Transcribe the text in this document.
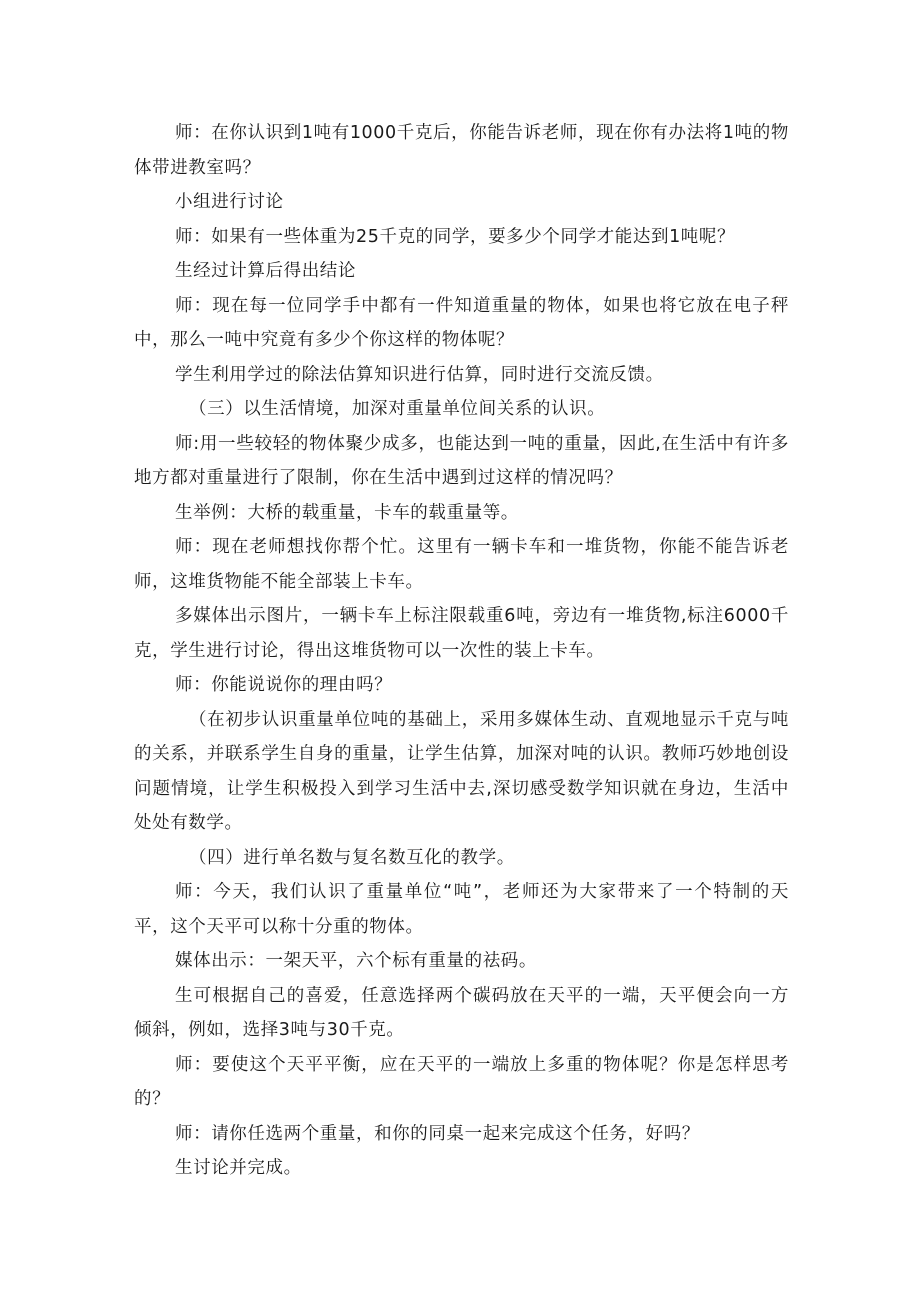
师：在你认识到1吨有1000千克后，你能告诉老师，现在你有办法将1吨的物体带进教室吗？

小组进行讨论

师：如果有一些体重为25千克的同学，要多少个同学才能达到1吨呢？

生经过计算后得出结论

师：现在每一位同学手中都有一件知道重量的物体，如果也将它放在电子秤中，那么一吨中究竟有多少个你这样的物体呢？

学生利用学过的除法估算知识进行估算，同时进行交流反馈。

（三）以生活情境，加深对重量单位间关系的认识。

师:用一些较轻的物体聚少成多，也能达到一吨的重量，因此,在生活中有许多地方都对重量进行了限制，你在生活中遇到过这样的情况吗？

生举例：大桥的载重量，卡车的载重量等。

师：现在老师想找你帮个忙。这里有一辆卡车和一堆货物，你能不能告诉老师，这堆货物能不能全部装上卡车。

多媒体出示图片，一辆卡车上标注限载重6吨，旁边有一堆货物,标注6000千克，学生进行讨论，得出这堆货物可以一次性的装上卡车。

师：你能说说你的理由吗？

（在初步认识重量单位吨的基础上，采用多媒体生动、直观地显示千克与吨的关系，并联系学生自身的重量，让学生估算，加深对吨的认识。教师巧妙地创设问题情境，让学生积极投入到学习生活中去,深切感受数学知识就在身边，生活中处处有数学。

（四）进行单名数与复名数互化的教学。

师：今天，我们认识了重量单位“吨”，老师还为大家带来了一个特制的天平，这个天平可以称十分重的物体。

媒体出示：一架天平，六个标有重量的祛码。

生可根据自己的喜爱，任意选择两个碳码放在天平的一端，天平便会向一方倾斜，例如，选择3吨与30千克。

师：要使这个天平平衡，应在天平的一端放上多重的物体呢？你是怎样思考的？

师：请你任选两个重量，和你的同桌一起来完成这个任务，好吗？

生讨论并完成。
